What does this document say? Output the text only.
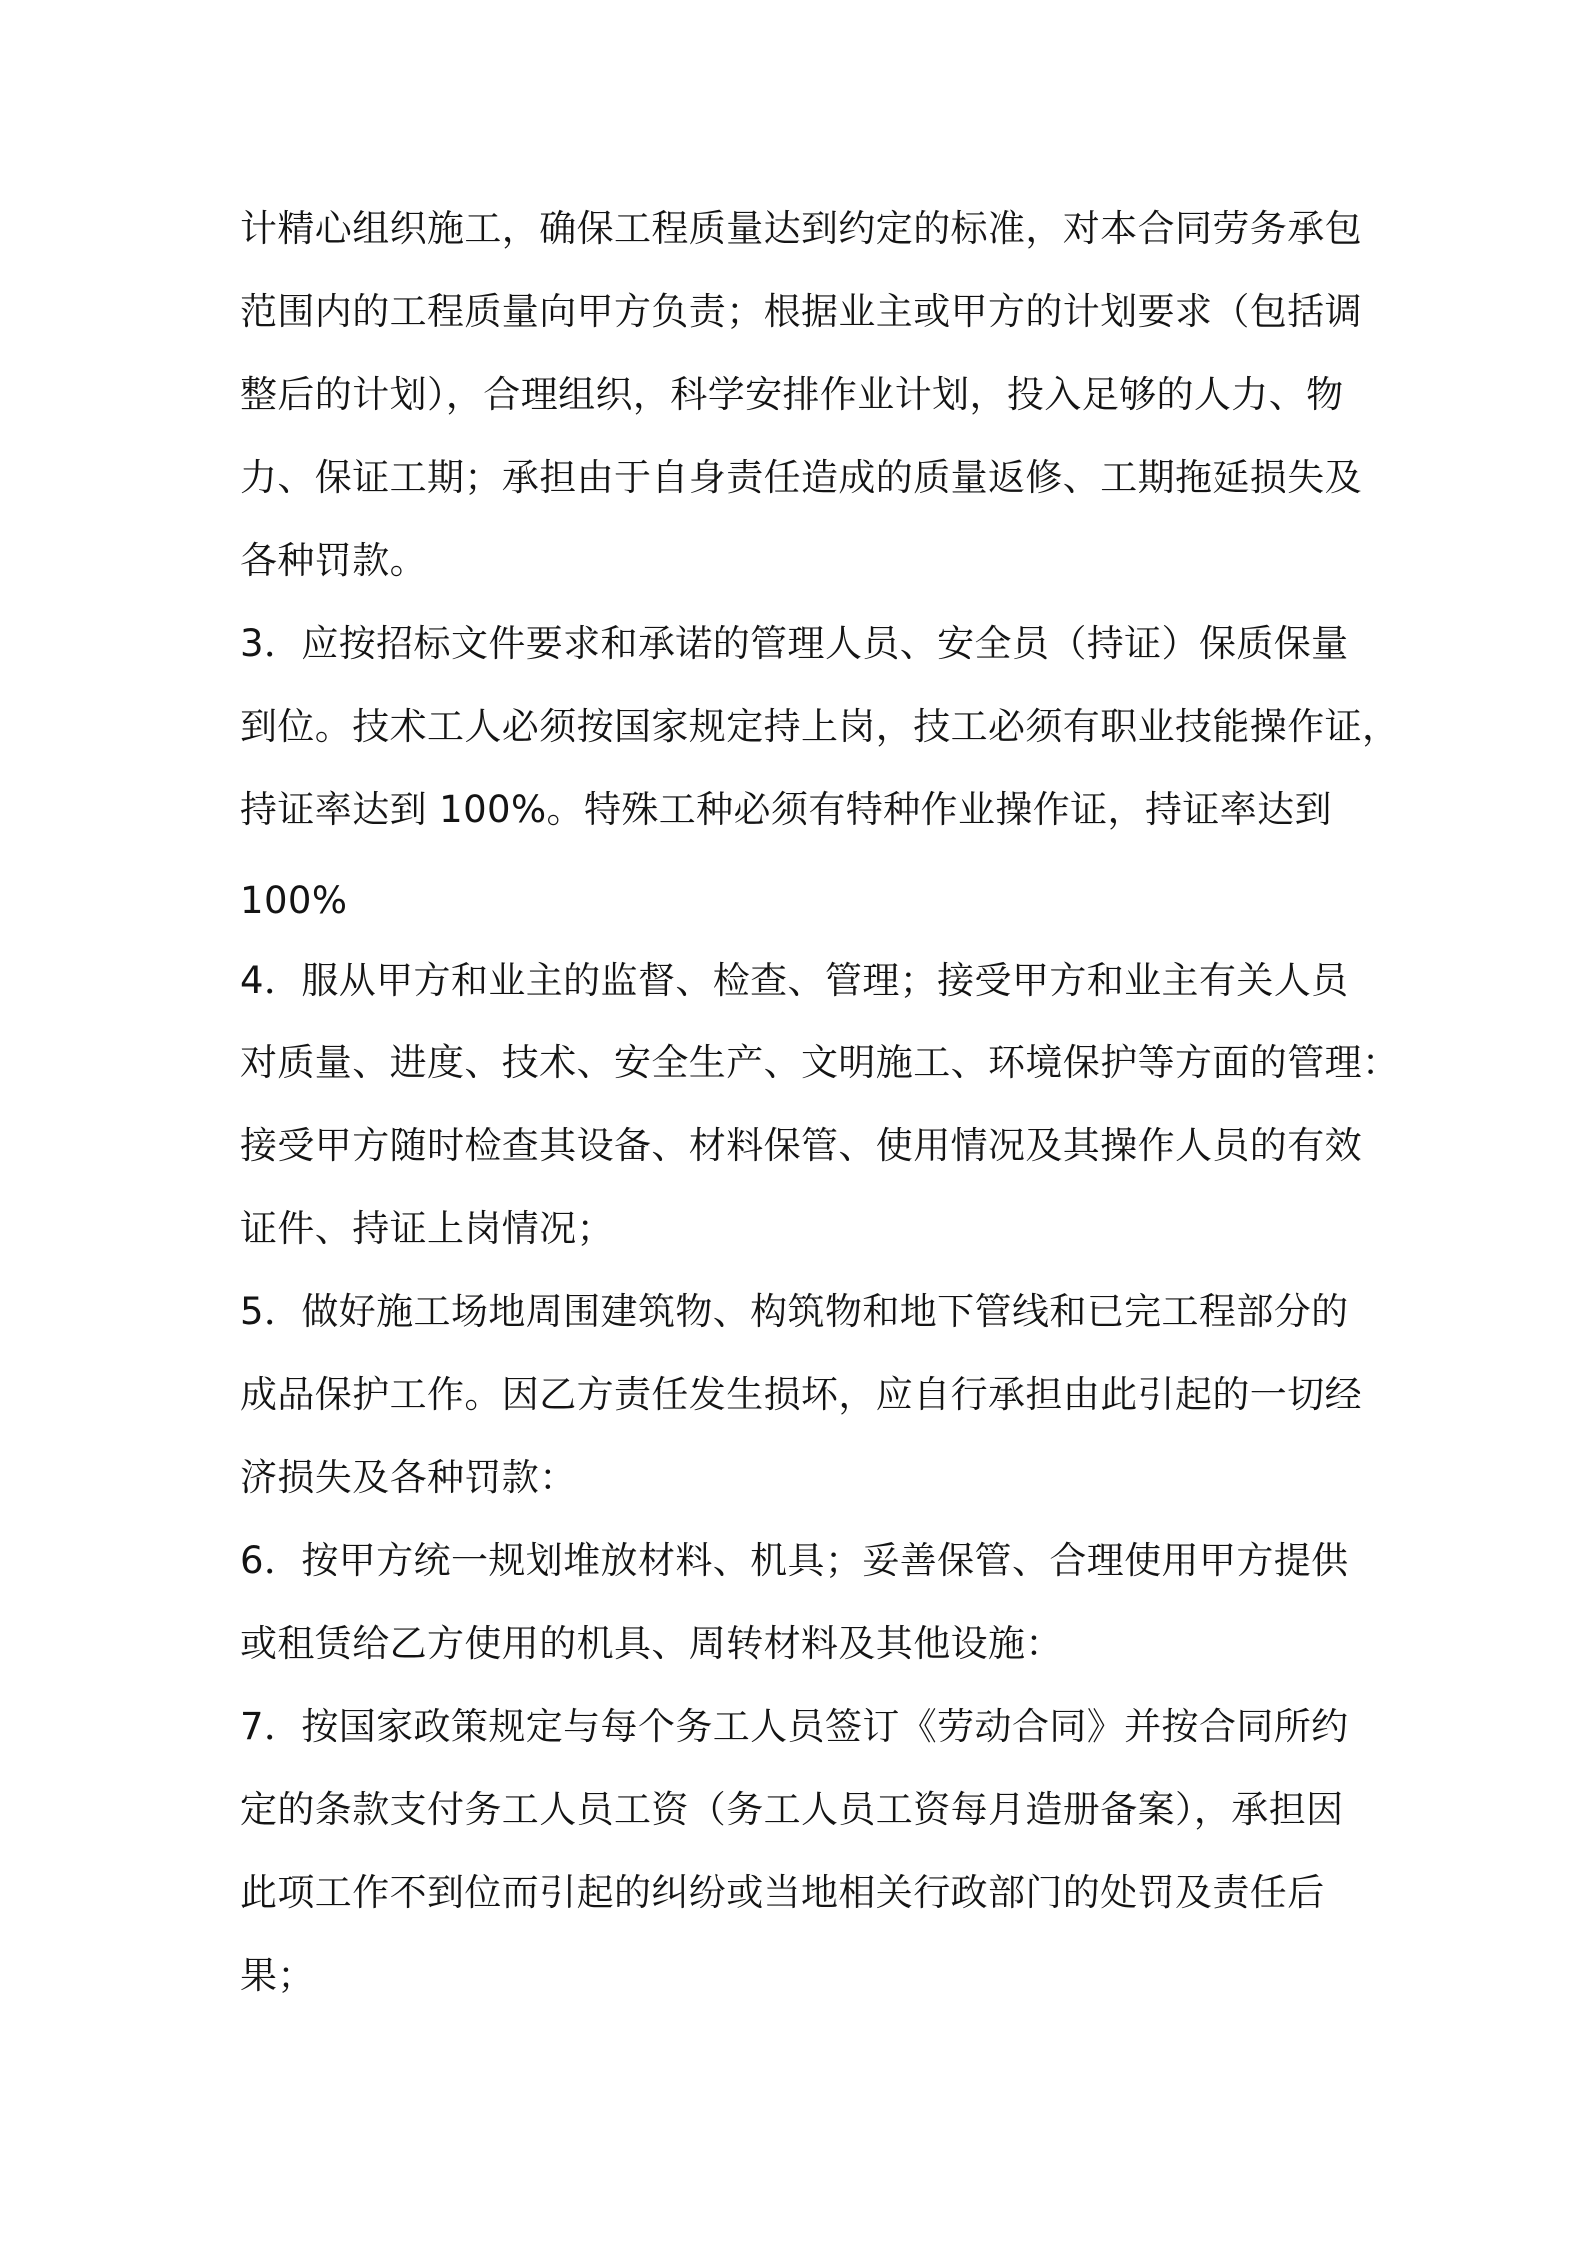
计精心组织施工，确保工程质量达到约定的标准，对本合同劳务承包

范围内的工程质量向甲方负责；根据业主或甲方的计划要求（包括调

整后的计划），合理组织，科学安排作业计划，投入足够的人力、物

力、保证工期；承担由于自身责任造成的质量返修、工期拖延损失及

各种罚款。

3．应按招标文件要求和承诺的管理人员、安全员（持证）保质保量

到位。技术工人必须按国家规定持上岗，技工必须有职业技能操作证，

持证率达到 100%。特殊工种必须有特种作业操作证，持证率达到

100%

4．服从甲方和业主的监督、检查、管理；接受甲方和业主有关人员

对质量、进度、技术、安全生产、文明施工、环境保护等方面的管理：

接受甲方随时检查其设备、材料保管、使用情况及其操作人员的有效

证件、持证上岗情况；

5．做好施工场地周围建筑物、构筑物和地下管线和已完工程部分的

成品保护工作。因乙方责任发生损坏，应自行承担由此引起的一切经

济损失及各种罚款：

6．按甲方统一规划堆放材料、机具；妥善保管、合理使用甲方提供

或租赁给乙方使用的机具、周转材料及其他设施：

7．按国家政策规定与每个务工人员签订《劳动合同》并按合同所约

定的条款支付务工人员工资（务工人员工资每月造册备案），承担因

此项工作不到位而引起的纠纷或当地相关行政部门的处罚及责任后

果；
